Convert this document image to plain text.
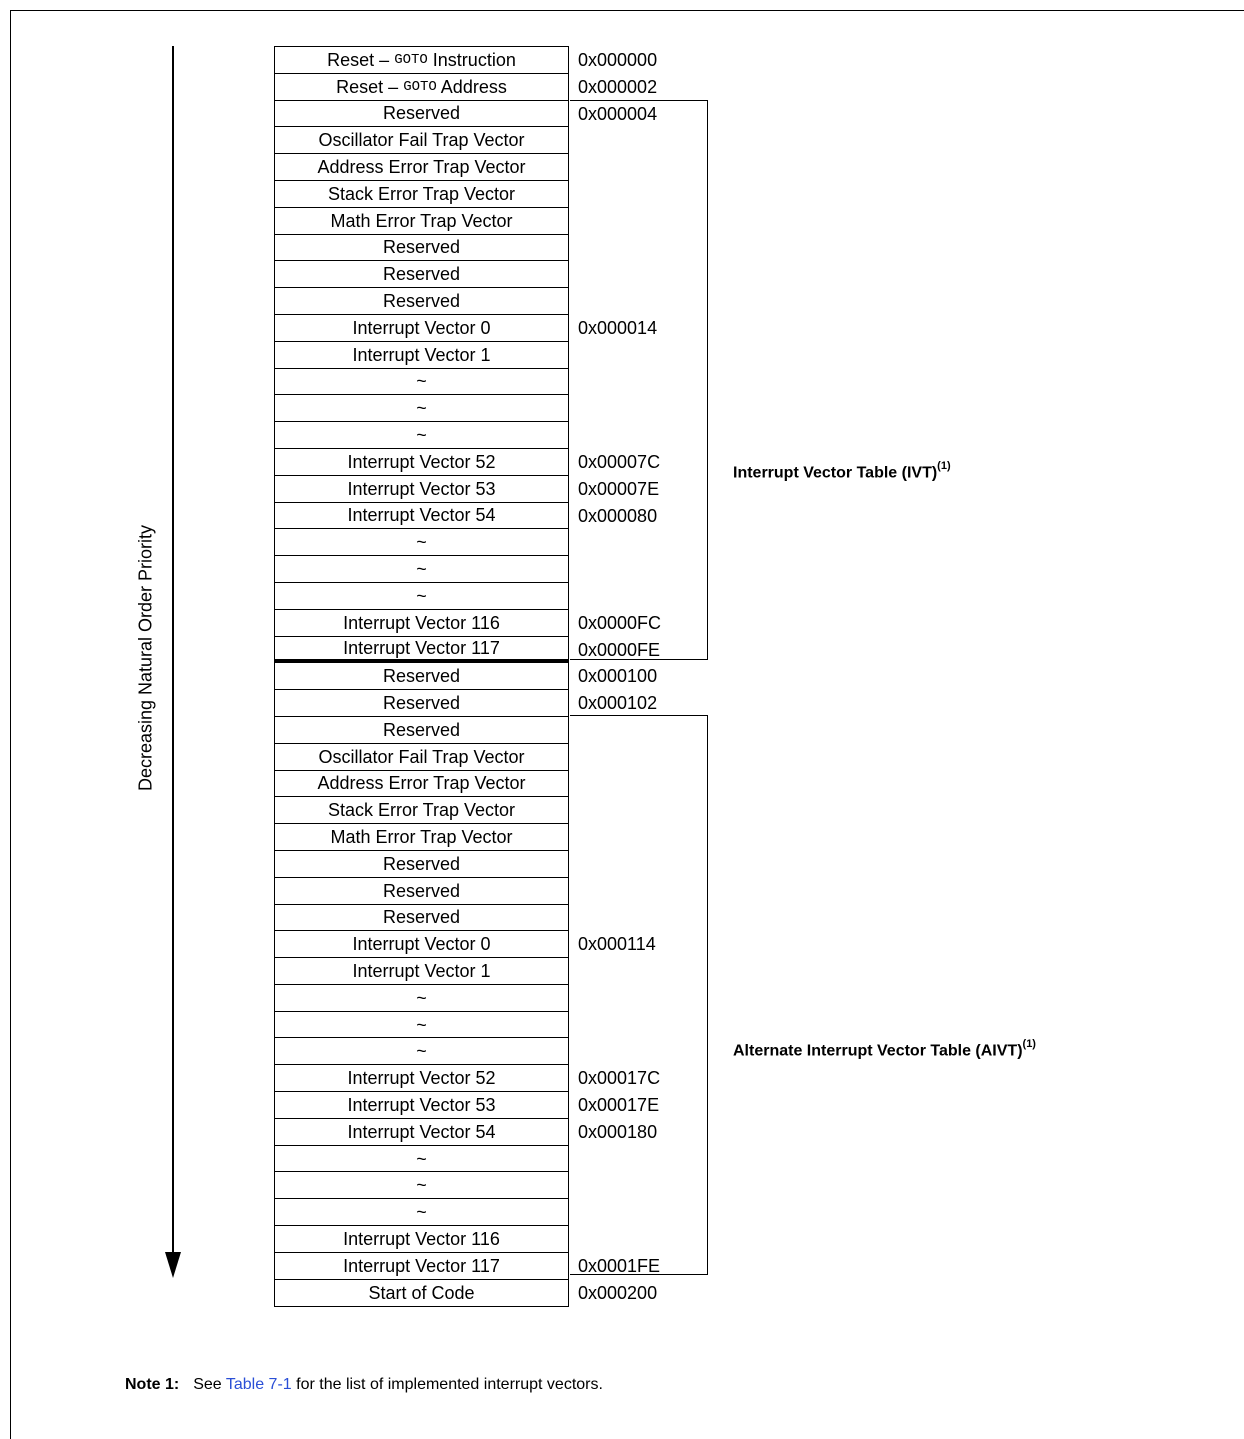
Decreasing Natural Order Priority
Reset – GOTO Instruction
Reset – GOTO Address
Reserved
Oscillator Fail Trap Vector
Address Error Trap Vector
Stack Error Trap Vector
Math Error Trap Vector
Reserved
Reserved
Reserved
Interrupt Vector 0
Interrupt Vector 1
~
~
~
Interrupt Vector 52
Interrupt Vector 53
Interrupt Vector 54
~
~
~
Interrupt Vector 116
Interrupt Vector 117
Reserved
Reserved
Reserved
Oscillator Fail Trap Vector
Address Error Trap Vector
Stack Error Trap Vector
Math Error Trap Vector
Reserved
Reserved
Reserved
Interrupt Vector 0
Interrupt Vector 1
~
~
~
Interrupt Vector 52
Interrupt Vector 53
Interrupt Vector 54
~
~
~
Interrupt Vector 116
Interrupt Vector 117
Start of Code
0x000000
0x000002
0x000004
0x000014
0x00007C
0x00007E
0x000080
0x0000FC
0x0000FE
0x000100
0x000102
0x000114
0x00017C
0x00017E
0x000180
0x0001FE
0x000200
Interrupt Vector Table (IVT)$^{(1)}$
Alternate Interrupt Vector Table (AIVT)$^{(1)}$
Note 1: See Table 7-1 for the list of implemented interrupt vectors.
